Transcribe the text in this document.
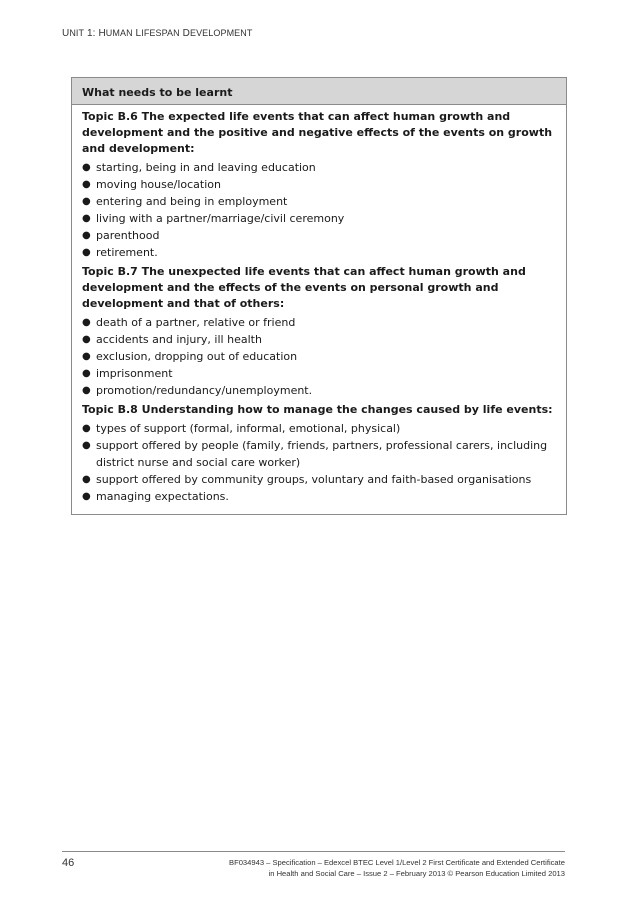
UNIT 1: HUMAN LIFESPAN DEVELOPMENT

What needs to be learnt

Topic B.6 The expected life events that can affect human growth and development and the positive and negative effects of the events on growth and development:

● starting, being in and leaving education
● moving house/location
● entering and being in employment
● living with a partner/marriage/civil ceremony
● parenthood
● retirement.

Topic B.7 The unexpected life events that can affect human growth and development and the effects of the events on personal growth and development and that of others:

● death of a partner, relative or friend
● accidents and injury, ill health
● exclusion, dropping out of education
● imprisonment
● promotion/redundancy/unemployment.

Topic B.8 Understanding how to manage the changes caused by life events:

● types of support (formal, informal, emotional, physical)
● support offered by people (family, friends, partners, professional carers, including district nurse and social care worker)
● support offered by community groups, voluntary and faith-based organisations
● managing expectations.

46	BF034943 – Specification – Edexcel BTEC Level 1/Level 2 First Certificate and Extended Certificate
in Health and Social Care – Issue 2 – February 2013 © Pearson Education Limited 2013
